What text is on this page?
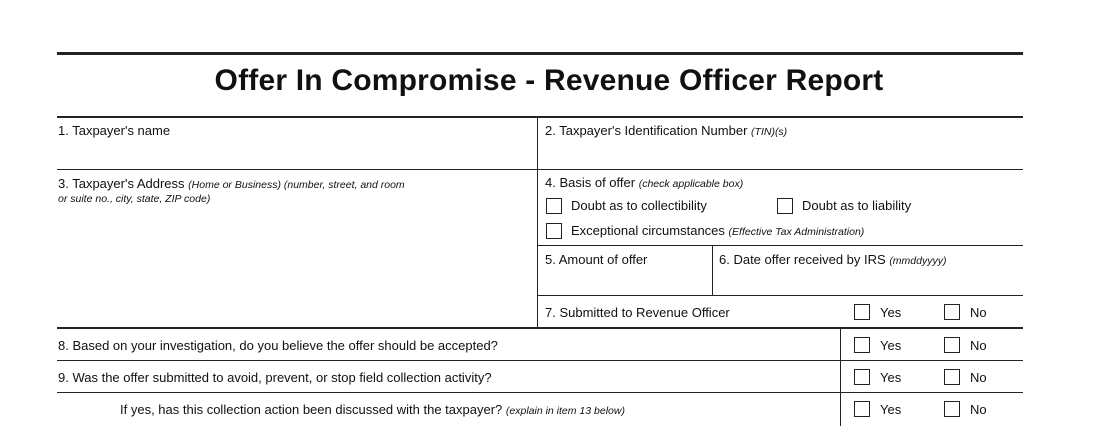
Offer In Compromise - Revenue Officer Report
1. Taxpayer's name	2. Taxpayer's Identification Number (TIN)(s)
3. Taxpayer's Address (Home or Business) (number, street, and room
or suite no., city, state, ZIP code)
4. Basis of offer (check applicable box)
Doubt as to collectibility	Doubt as to liability
Exceptional circumstances (Effective Tax Administration)
5. Amount of offer	6. Date offer received by IRS (mmddyyyy)
7. Submitted to Revenue Officer	Yes	No
8. Based on your investigation, do you believe the offer should be accepted?	Yes	No
9. Was the offer submitted to avoid, prevent, or stop field collection activity?	Yes	No
If yes, has this collection action been discussed with the taxpayer? (explain in item 13 below)	Yes	No
